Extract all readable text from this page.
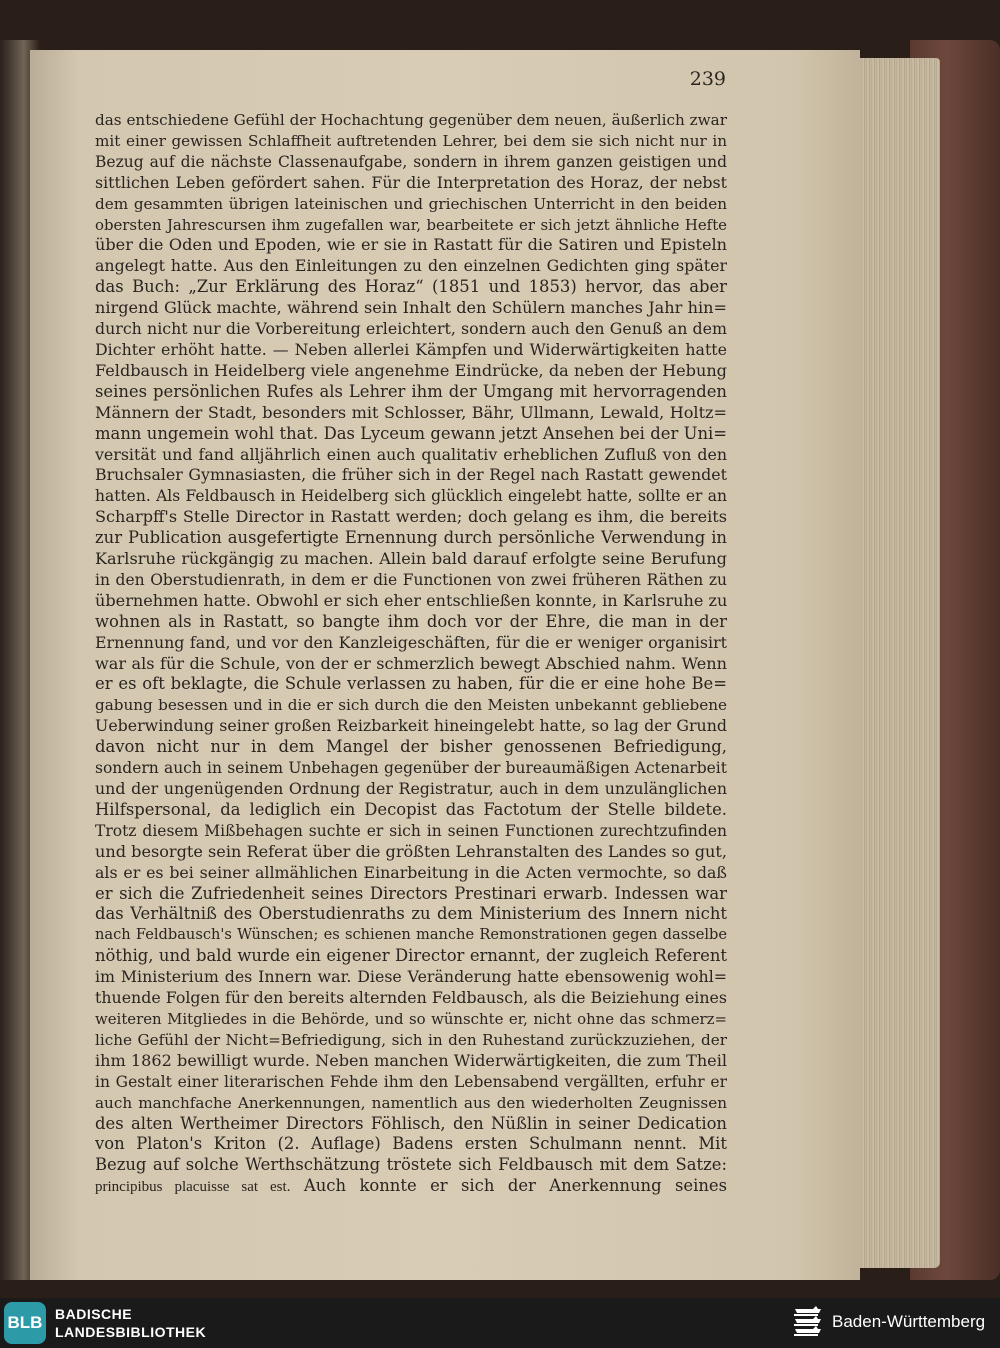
239
das entschiedene Gefühl der Hochachtung gegenüber dem neuen, äußerlich zwar
mit einer gewissen Schlaffheit auftretenden Lehrer, bei dem sie sich nicht nur in
Bezug auf die nächste Classenaufgabe, sondern in ihrem ganzen geistigen und
sittlichen Leben gefördert sahen. Für die Interpretation des Horaz, der nebst
dem gesammten übrigen lateinischen und griechischen Unterricht in den beiden
obersten Jahrescursen ihm zugefallen war, bearbeitete er sich jetzt ähnliche Hefte
über die Oden und Epoden, wie er sie in Rastatt für die Satiren und Episteln
angelegt hatte. Aus den Einleitungen zu den einzelnen Gedichten ging später
das Buch: „Zur Erklärung des Horaz“ (1851 und 1853) hervor, das aber
nirgend Glück machte, während sein Inhalt den Schülern manches Jahr hin=
durch nicht nur die Vorbereitung erleichtert, sondern auch den Genuß an dem
Dichter erhöht hatte. — Neben allerlei Kämpfen und Widerwärtigkeiten hatte
Feldbausch in Heidelberg viele angenehme Eindrücke, da neben der Hebung
seines persönlichen Rufes als Lehrer ihm der Umgang mit hervorragenden
Männern der Stadt, besonders mit Schlosser, Bähr, Ullmann, Lewald, Holtz=
mann ungemein wohl that. Das Lyceum gewann jetzt Ansehen bei der Uni=
versität und fand alljährlich einen auch qualitativ erheblichen Zufluß von den
Bruchsaler Gymnasiasten, die früher sich in der Regel nach Rastatt gewendet
hatten. Als Feldbausch in Heidelberg sich glücklich eingelebt hatte, sollte er an
Scharpff's Stelle Director in Rastatt werden; doch gelang es ihm, die bereits
zur Publication ausgefertigte Ernennung durch persönliche Verwendung in
Karlsruhe rückgängig zu machen. Allein bald darauf erfolgte seine Berufung
in den Oberstudienrath, in dem er die Functionen von zwei früheren Räthen zu
übernehmen hatte. Obwohl er sich eher entschließen konnte, in Karlsruhe zu
wohnen als in Rastatt, so bangte ihm doch vor der Ehre, die man in der
Ernennung fand, und vor den Kanzleigeschäften, für die er weniger organisirt
war als für die Schule, von der er schmerzlich bewegt Abschied nahm. Wenn
er es oft beklagte, die Schule verlassen zu haben, für die er eine hohe Be=
gabung besessen und in die er sich durch die den Meisten unbekannt gebliebene
Ueberwindung seiner großen Reizbarkeit hineingelebt hatte, so lag der Grund
davon nicht nur in dem Mangel der bisher genossenen Befriedigung,
sondern auch in seinem Unbehagen gegenüber der bureaumäßigen Actenarbeit
und der ungenügenden Ordnung der Registratur, auch in dem unzulänglichen
Hilfspersonal, da lediglich ein Decopist das Factotum der Stelle bildete.
Trotz diesem Mißbehagen suchte er sich in seinen Functionen zurechtzufinden
und besorgte sein Referat über die größten Lehranstalten des Landes so gut,
als er es bei seiner allmählichen Einarbeitung in die Acten vermochte, so daß
er sich die Zufriedenheit seines Directors Prestinari erwarb. Indessen war
das Verhältniß des Oberstudienraths zu dem Ministerium des Innern nicht
nach Feldbausch's Wünschen; es schienen manche Remonstrationen gegen dasselbe
nöthig, und bald wurde ein eigener Director ernannt, der zugleich Referent
im Ministerium des Innern war. Diese Veränderung hatte ebensowenig wohl=
thuende Folgen für den bereits alternden Feldbausch, als die Beiziehung eines
weiteren Mitgliedes in die Behörde, und so wünschte er, nicht ohne das schmerz=
liche Gefühl der Nicht=Befriedigung, sich in den Ruhestand zurückzuziehen, der
ihm 1862 bewilligt wurde. Neben manchen Widerwärtigkeiten, die zum Theil
in Gestalt einer literarischen Fehde ihm den Lebensabend vergällten, erfuhr er
auch manchfache Anerkennungen, namentlich aus den wiederholten Zeugnissen
des alten Wertheimer Directors Föhlisch, den Nüßlin in seiner Dedication
von Platon's Kriton (2. Auflage) Badens ersten Schulmann nennt. Mit
Bezug auf solche Werthschätzung tröstete sich Feldbausch mit dem Satze:
principibus placuisse sat est. Auch konnte er sich der Anerkennung seines
BLB BADISCHE
LANDESBIBLIOTHEK
Baden-Württemberg
